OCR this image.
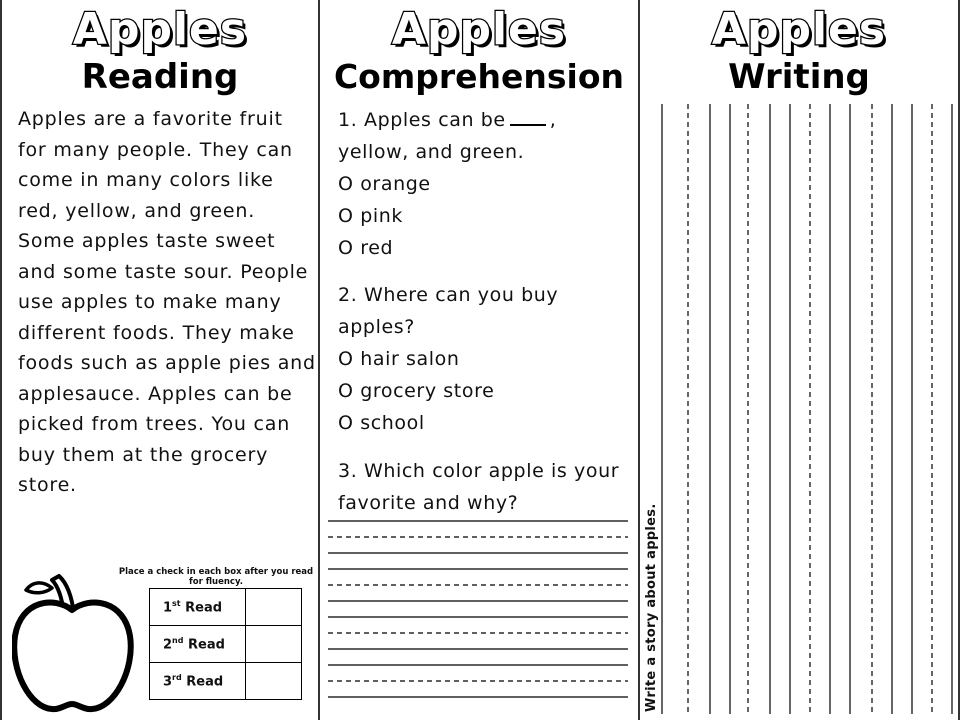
Apples
Reading

Apples are a favorite fruit for many people. They can come in many colors like red, yellow, and green. Some apples taste sweet and some taste sour. People use apples to make many different foods. They make foods such as apple pies and applesauce. Apples can be picked from trees. You can buy them at the grocery store.

Place a check in each box after you read for fluency.
1st Read	
2nd Read	
3rd Read	
Apples
Comprehension
1. Apples can be , yellow, and green.
O orange
O pink
O red
2. Where can you buy apples?
O hair salon
O grocery store
O school
3. Which color apple is your favorite and why?
Apples
Writing
Write a story about apples.
